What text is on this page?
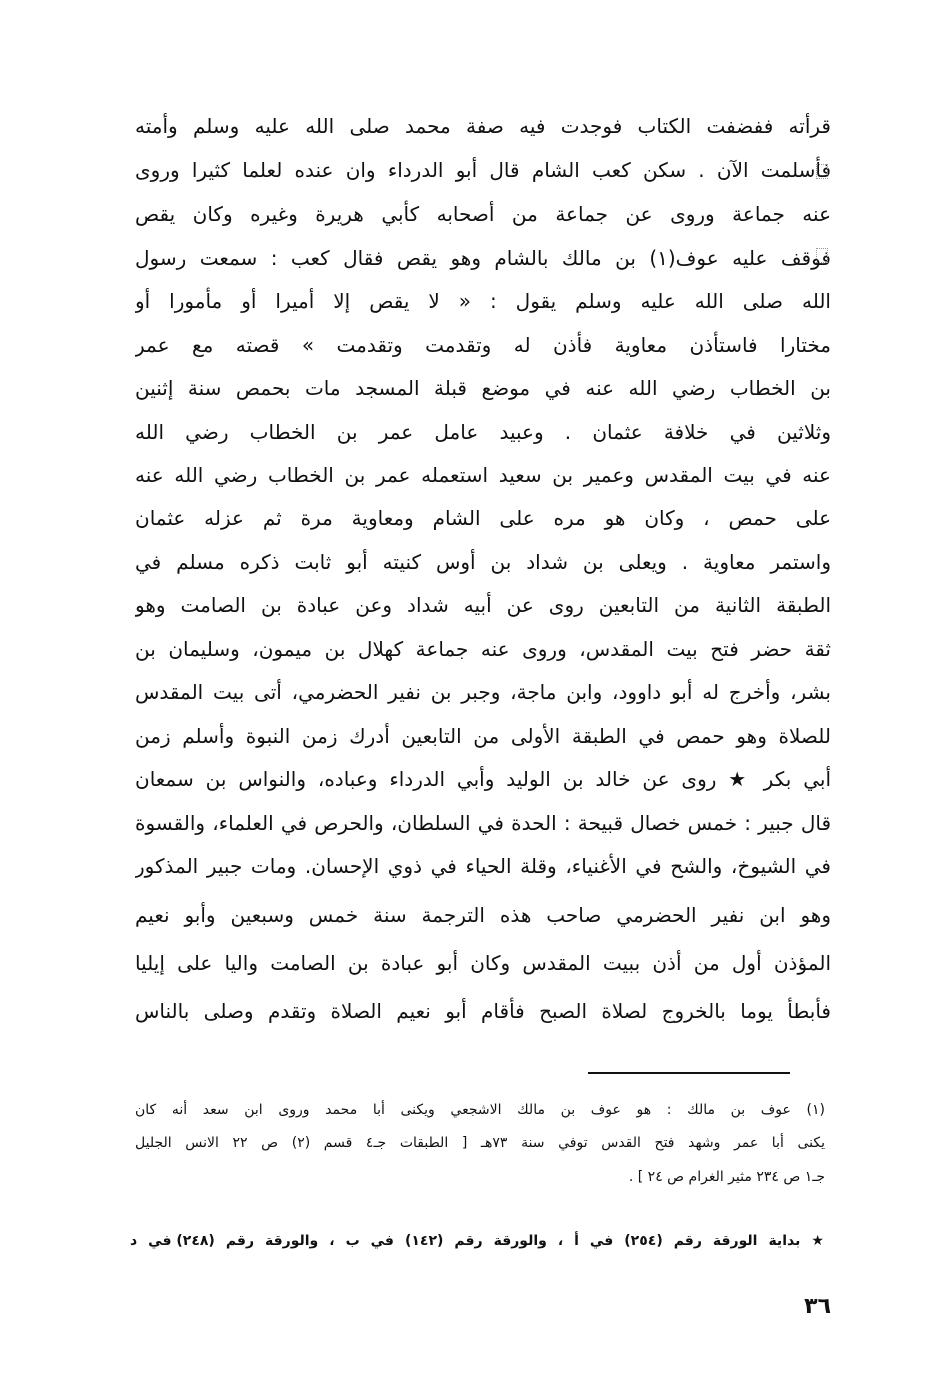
قرأته ففضفت الكتاب فوجدت فيه صفة محمد صلى الله عليه وسلم وأمته
فأسلمت الآن . سكن كعب الشام قال أبو الدرداء وان عنده لعلما كثيرا وروى
عنه جماعة وروى عن جماعة من أصحابه كأبي هريرة وغيره وكان يقص
فوقف عليه عوف(١) بن مالك بالشام وهو يقص فقال كعب : سمعت رسول
الله صلى الله عليه وسلم يقول : « لا يقص إلا أميرا أو مأمورا أو
مختارا فاستأذن معاوية فأذن له وتقدمت وتقدمت » قصته مع عمر
بن الخطاب رضي الله عنه في موضع قبلة المسجد مات بحمص سنة إثنين
وثلاثين في خلافة عثمان . وعبيد عامل عمر بن الخطاب رضي الله
عنه في بيت المقدس وعمير بن سعيد استعمله عمر بن الخطاب رضي الله عنه
على حمص ، وكان هو مره على الشام ومعاوية مرة ثم عزله عثمان
واستمر معاوية . ويعلى بن شداد بن أوس كنيته أبو ثابت ذكره مسلم في
الطبقة الثانية من التابعين روى عن أبيه شداد وعن عبادة بن الصامت وهو
ثقة حضر فتح بيت المقدس، وروى عنه جماعة كهلال بن ميمون، وسليمان بن
بشر، وأخرج له أبو داوود، وابن ماجة، وجبر بن نفير الحضرمي، أتى بيت المقدس
للصلاة وهو حمص في الطبقة الأولى من التابعين أدرك زمن النبوة وأسلم زمن
أبي بكر ★ روى عن خالد بن الوليد وأبي الدرداء وعباده، والنواس بن سمعان
قال جبير : خمس خصال قبيحة : الحدة في السلطان، والحرص في العلماء، والقسوة
في الشيوخ، والشح في الأغنياء، وقلة الحياء في ذوي الإحسان. ومات جبير المذكور
وهو ابن نفير الحضرمي صاحب هذه الترجمة سنة خمس وسبعين وأبو نعيم
المؤذن أول من أذن ببيت المقدس وكان أبو عبادة بن الصامت واليا على إيليا
فأبطأ يوما بالخروج لصلاة الصبح فأقام أبو نعيم الصلاة وتقدم وصلى بالناس
(١) عوف بن مالك : هو عوف بن مالك الاشجعي ويكنى أبا محمد وروى ابن سعد أنه كان
يكنى أبا عمر وشهد فتح القدس توفي سنة ٧٣هـ [ الطبقات جـ٤ قسم (٢) ص ٢٢ الانس الجليل
جـ١ ص ٢٣٤ مثير الغرام ص ٢٤ ] .
★ بداية الورقة رقم (٢٥٤) في أ ، والورقة رقم (١٤٢) في ب ، والورقة رقم (٢٤٨) في د
٣٦
